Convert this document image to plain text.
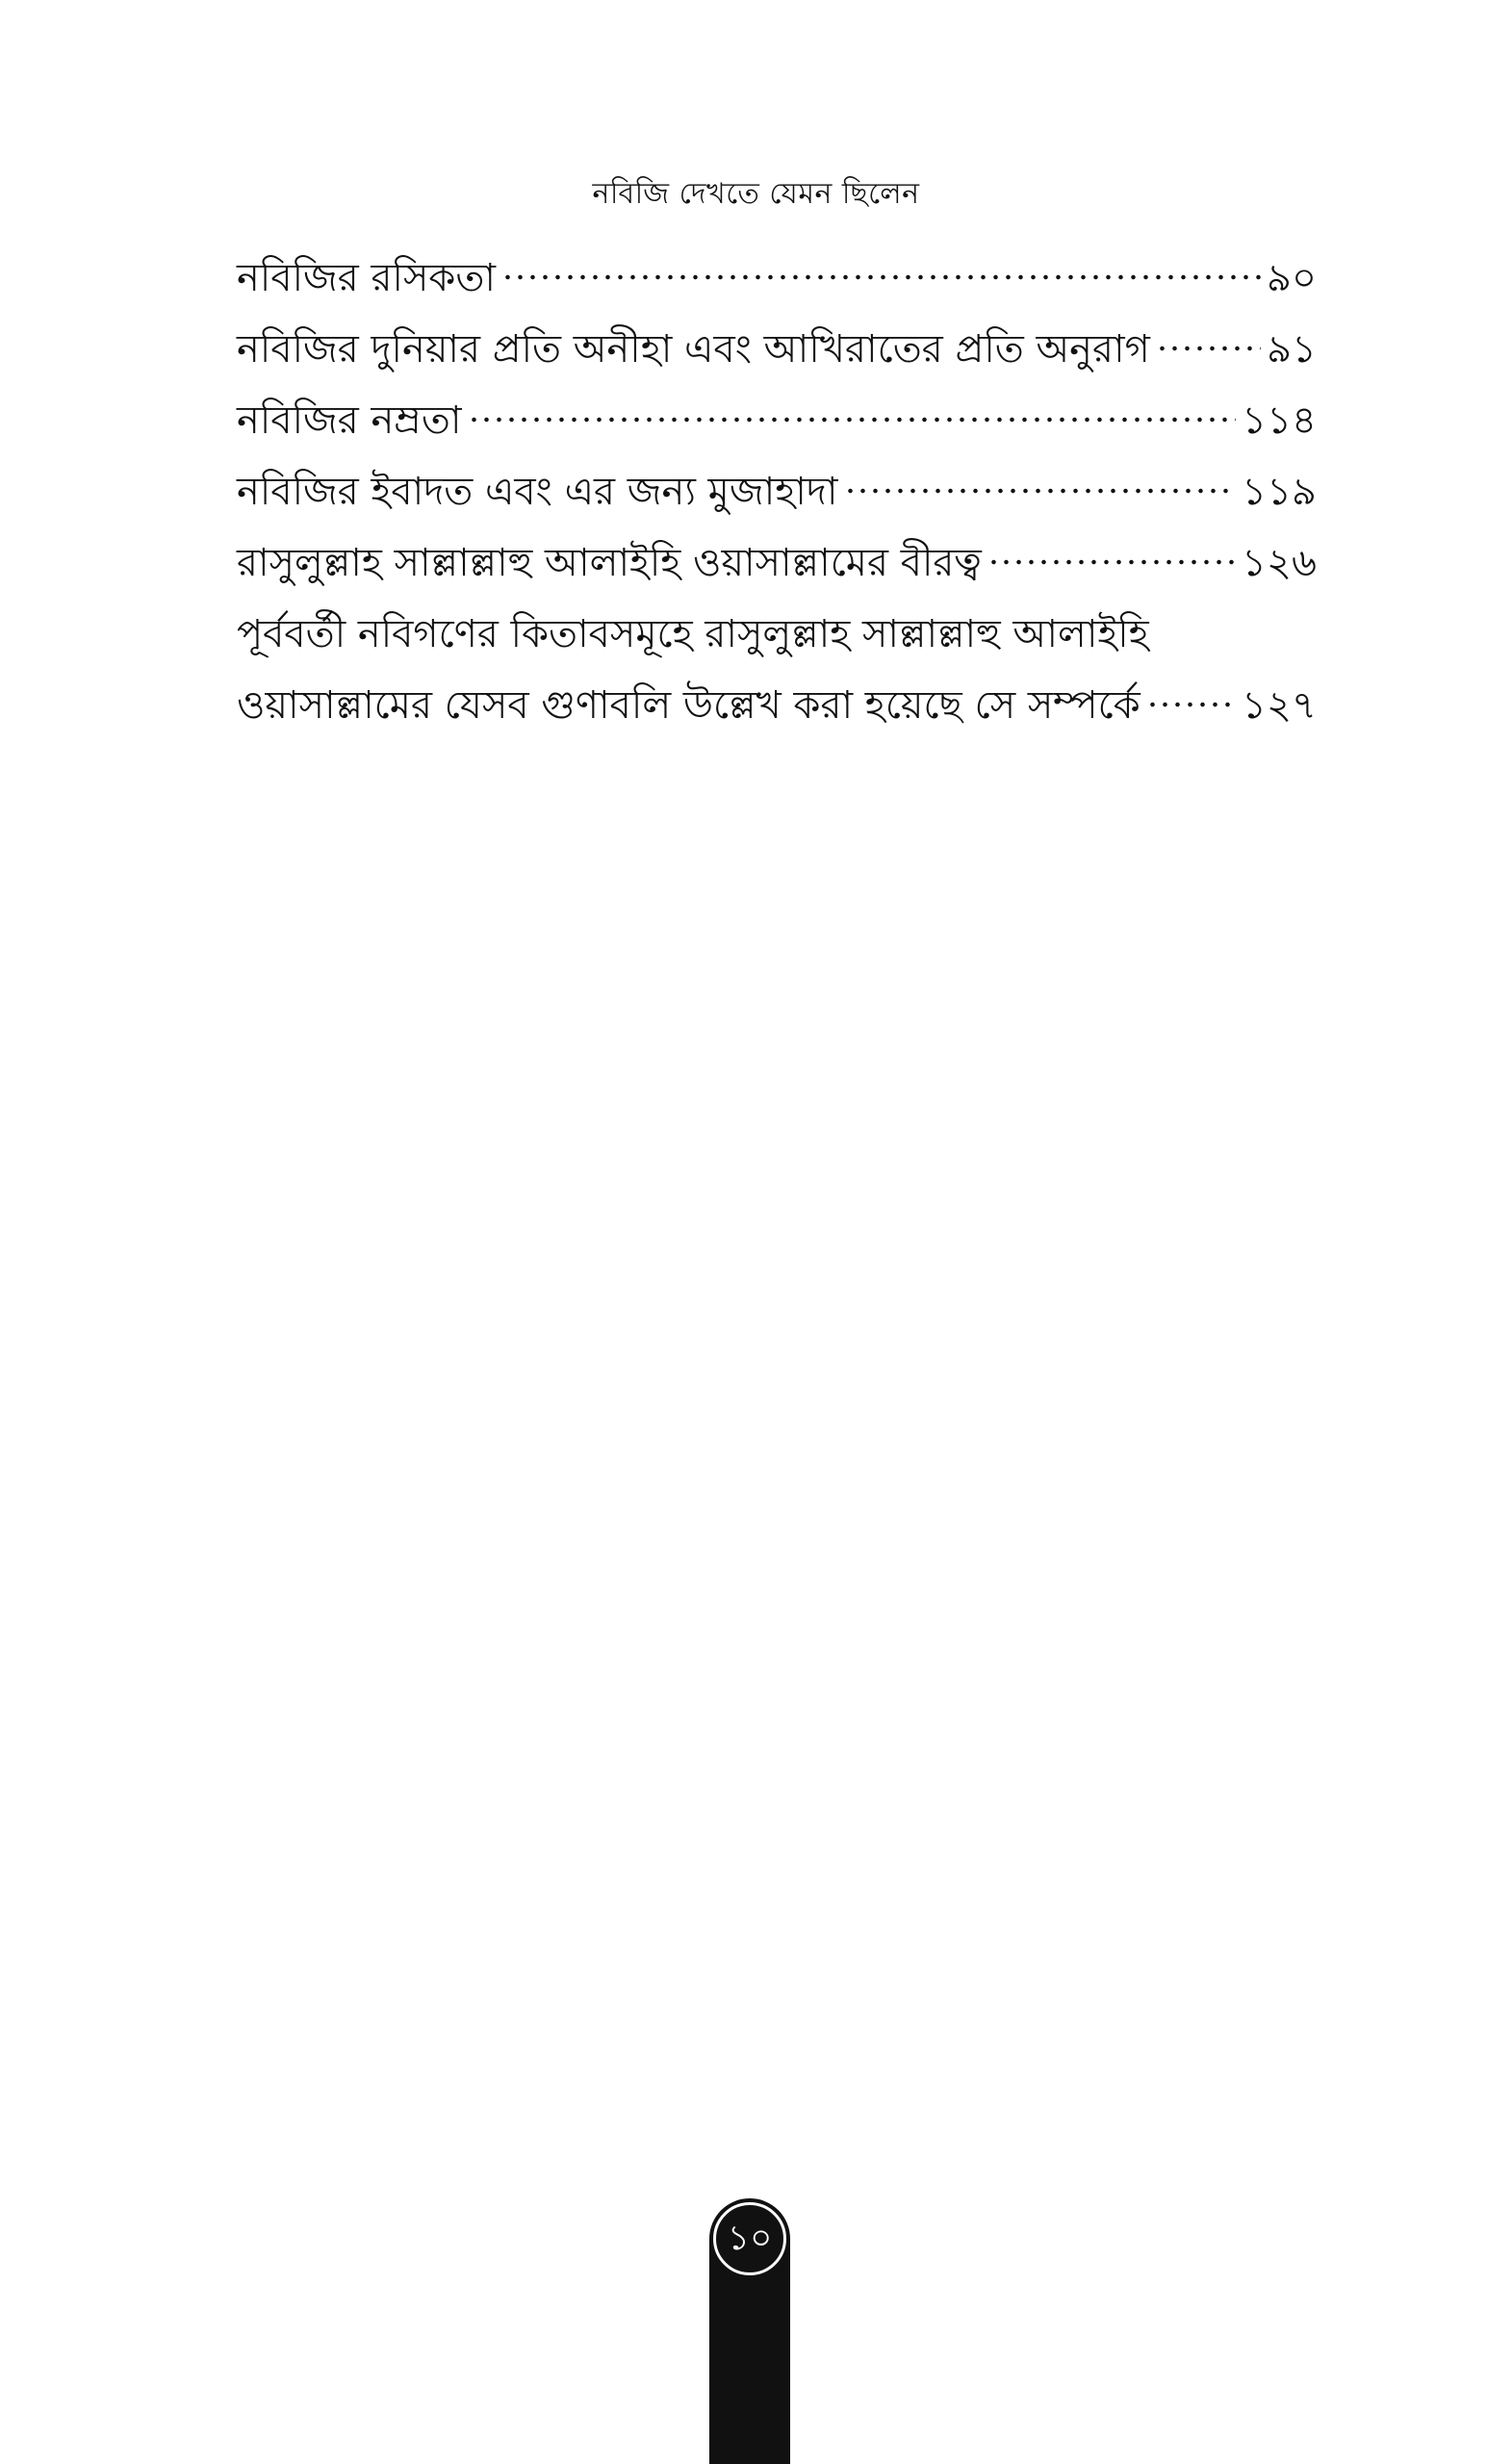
নবিজি দেখতে যেমন ছিলেন
নবিজির রসিকতা	৯০
নবিজির দুনিয়ার প্রতি অনীহা এবং আখিরাতের প্রতি অনুরাগ	৯১
নবিজির নম্রতা	১১৪
নবিজির ইবাদত এবং এর জন্য মুজাহাদা	১১৯
রাসুলুল্লাহ সাল্লাল্লাহু আলাইহি ওয়াসাল্লামের বীরত্ব	১২৬
পূর্ববর্তী নবিগণের কিতাবসমূহে রাসুলুল্লাহ সাল্লাল্লাহু আলাইহি
ওয়াসাল্লামের যেসব গুণাবলি উল্লেখ করা হয়েছে সে সম্পর্কে	১২৭
১০
